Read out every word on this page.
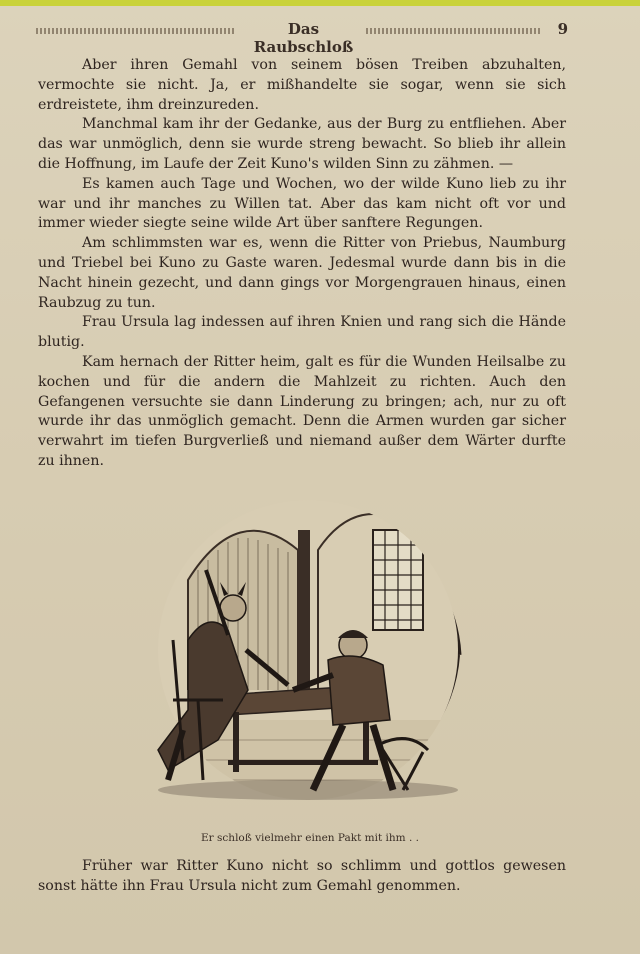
Das Raubschloß
9

Aber ihren Gemahl von seinem bösen Treiben abzuhalten, vermochte sie nicht. Ja, er mißhandelte sie sogar, wenn sie sich erdreistete, ihm dreinzureden.

Manchmal kam ihr der Gedanke, aus der Burg zu entfliehen. Aber das war unmöglich, denn sie wurde streng bewacht. So blieb ihr allein die Hoffnung, im Laufe der Zeit Kuno's wilden Sinn zu zähmen. —

Es kamen auch Tage und Wochen, wo der wilde Kuno lieb zu ihr war und ihr manches zu Willen tat. Aber das kam nicht oft vor und immer wieder siegte seine wilde Art über sanftere Regungen.

Am schlimmsten war es, wenn die Ritter von Priebus, Naumburg und Triebel bei Kuno zu Gaste waren. Jedesmal wurde dann bis in die Nacht hinein gezecht, und dann gings vor Morgengrauen hinaus, einen Raubzug zu tun.

Frau Ursula lag indessen auf ihren Knien und rang sich die Hände blutig.

Kam hernach der Ritter heim, galt es für die Wunden Heilsalbe zu kochen und für die andern die Mahlzeit zu richten. Auch den Gefangenen versuchte sie dann Linderung zu bringen; ach, nur zu oft wurde ihr das unmöglich gemacht. Denn die Armen wurden gar sicher verwahrt im tiefen Burgverließ und niemand außer dem Wärter durfte zu ihnen.

Er schloß vielmehr einen Pakt mit ihm . .

Früher war Ritter Kuno nicht so schlimm und gottlos gewesen sonst hätte ihn Frau Ursula nicht zum Gemahl genommen.
